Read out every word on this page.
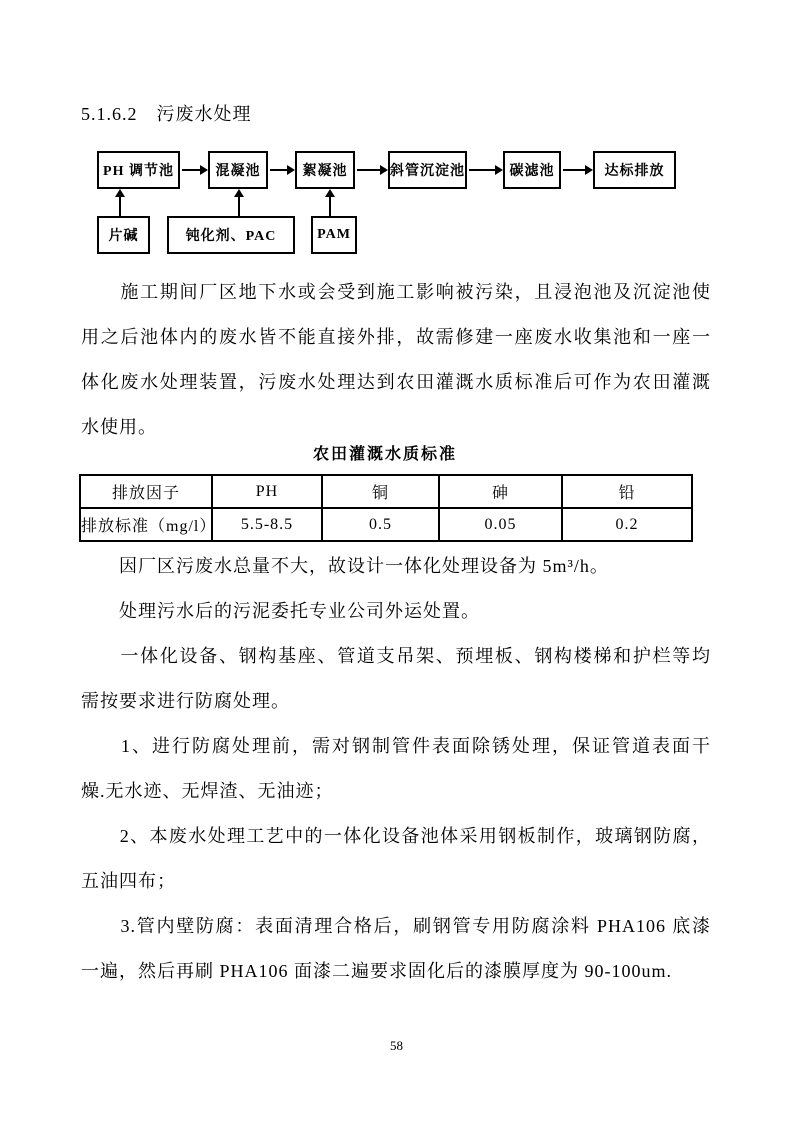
5.1.6.2　污废水处理
PH 调节池	混凝池	絮凝池	斜管沉淀池	碳滤池	达标排放
片碱	钝化剂、PAC	PAM
　　施工期间厂区地下水或会受到施工影响被污染，且浸泡池及沉淀池使
用之后池体内的废水皆不能直接外排，故需修建一座废水收集池和一座一
体化废水处理装置，污废水处理达到农田灌溉水质标准后可作为农田灌溉
水使用。
农田灌溉水质标准
排放因子	PH	铜	砷	铅
排放标准（mg/l）	5.5-8.5	0.5	0.05	0.2
　　因厂区污废水总量不大，故设计一体化处理设备为 5m³/h。
　　处理污水后的污泥委托专业公司外运处置。
　　一体化设备、钢构基座、管道支吊架、预埋板、钢构楼梯和护栏等均
需按要求进行防腐处理。
　　1、进行防腐处理前，需对钢制管件表面除锈处理，保证管道表面干
燥.无水迹、无焊渣、无油迹；
　　2、本废水处理工艺中的一体化设备池体采用钢板制作，玻璃钢防腐，
五油四布；
　　3.管内壁防腐：表面清理合格后，刷钢管专用防腐涂料 PHA106 底漆
一遍，然后再刷 PHA106 面漆二遍要求固化后的漆膜厚度为 90-100um.
58
